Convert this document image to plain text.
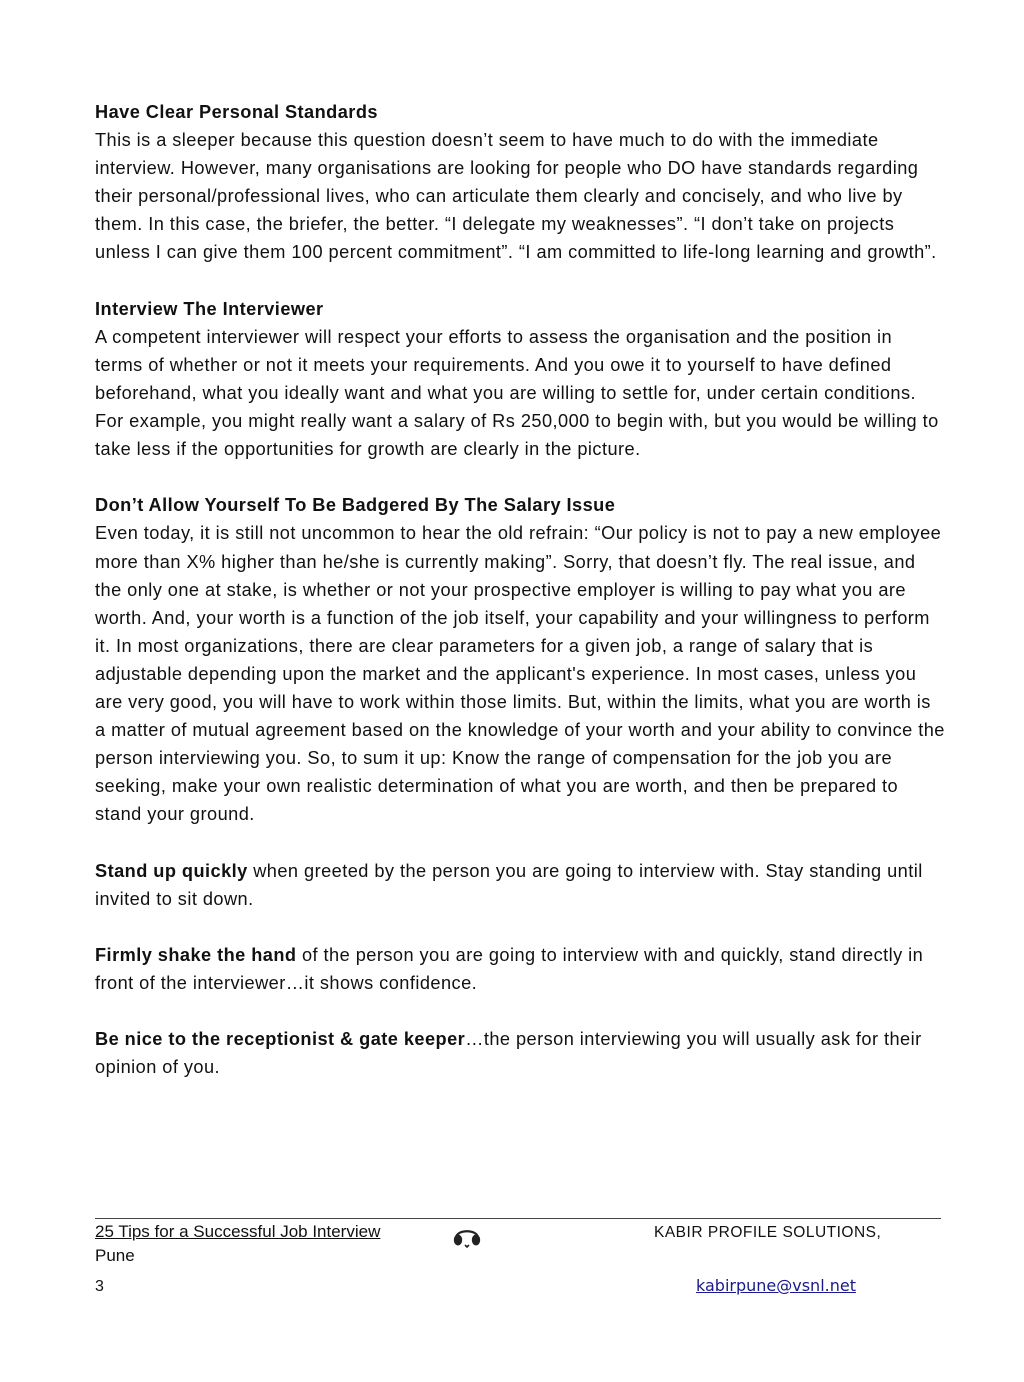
Have Clear Personal Standards
This is a sleeper because this question doesn’t seem to have much to do with the immediate interview. However, many organisations are looking for people who DO have standards regarding their personal/professional lives, who can articulate them clearly and concisely, and who live by them. In this case, the briefer, the better. “I delegate my weaknesses”. “I don’t take on projects unless I can give them 100 percent commitment”. “I am committed to life-long learning and growth”.
Interview The Interviewer
A competent interviewer will respect your efforts to assess the organisation and the position in terms of whether or not it meets your requirements. And you owe it to yourself to have defined beforehand, what you ideally want and what you are willing to settle for, under certain conditions. For example, you might really want a salary of Rs 250,000 to begin with, but you would be willing to take less if the opportunities for growth are clearly in the picture.
Don’t Allow Yourself To Be Badgered By The Salary Issue
Even today, it is still not uncommon to hear the old refrain: “Our policy is not to pay a new employee more than X% higher than he/she is currently making”. Sorry, that doesn’t fly. The real issue, and the only one at stake, is whether or not your prospective employer is willing to pay what you are worth. And, your worth is a function of the job itself, your capability and your willingness to perform it. In most organizations, there are clear parameters for a given job, a range of salary that is adjustable depending upon the market and the applicant's experience. In most cases, unless you are very good, you will have to work within those limits. But, within the limits, what you are worth is a matter of mutual agreement based on the knowledge of your worth and your ability to convince the person interviewing you. So, to sum it up: Know the range of compensation for the job you are seeking, make your own realistic determination of what you are worth, and then be prepared to stand your ground.
Stand up quickly when greeted by the person you are going to interview with. Stay standing until invited to sit down.
Firmly shake the hand of the person you are going to interview with and quickly, stand directly in front of the interviewer…it shows confidence.
Be nice to the receptionist & gate keeper…the person interviewing you will usually ask for their opinion of you.
25 Tips for a Successful Job Interview	KABIR PROFILE SOLUTIONS,
Pune
3	kabirpune@vsnl.net
